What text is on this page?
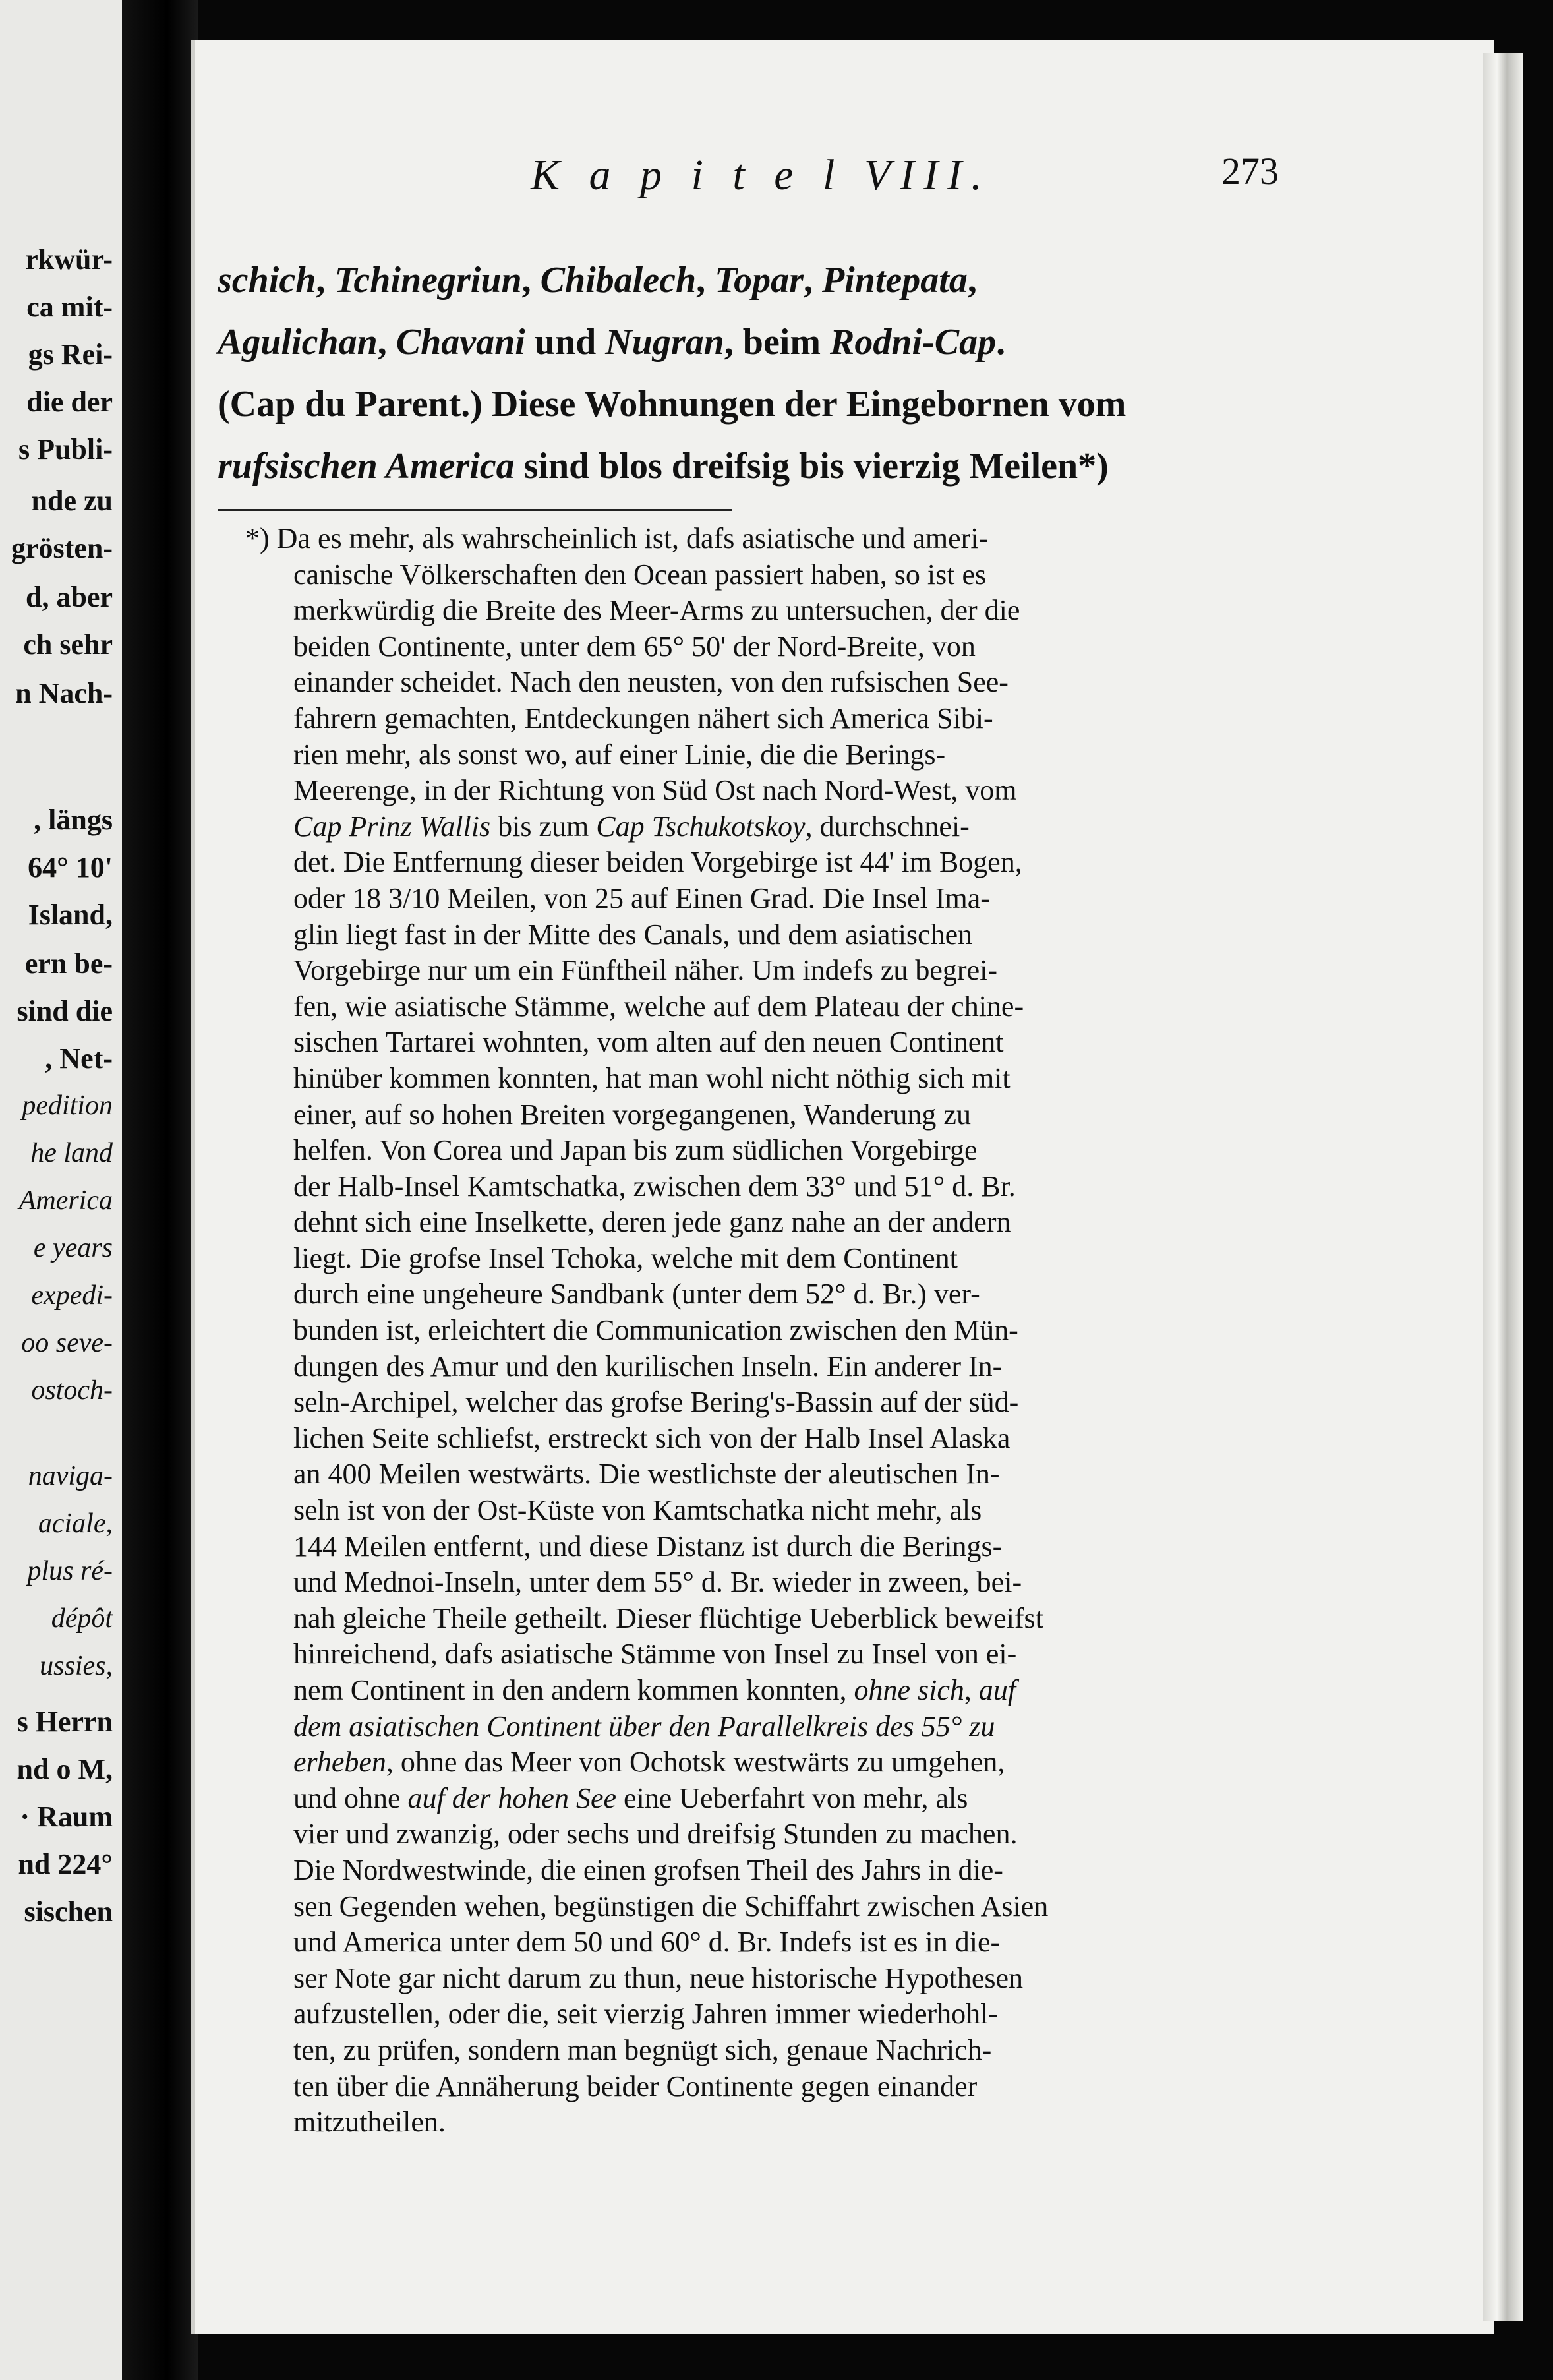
rkwür-
ca mit-
gs Rei-
die der
s Publi-
nde zu
grösten-
d, aber
ch sehr
n Nach-
, längs
64° 10'
Island,
ern be-
sind die
, Net-
pedition
he land
America
e years
expedi-
oo seve-
ostoch-
naviga-
aciale,
plus ré-
dépôt
ussies,
s Herrn
nd o M,
· Raum
nd 224°
sischen
K a p i t e l VIII.	273
schich, Tchinegriun, Chibalech, Topar, Pintepata,
Agulichan, Chavani und Nugran, beim Rodni-Cap.
(Cap du Parent.) Diese Wohnungen der Eingebornen vom
rufsischen America sind blos dreifsig bis vierzig Meilen*)
*) Da es mehr, als wahrscheinlich ist, dafs asiatische und ameri-
canische Völkerschaften den Ocean passiert haben, so ist es
merkwürdig die Breite des Meer-Arms zu untersuchen, der die
beiden Continente, unter dem 65° 50' der Nord-Breite, von
einander scheidet. Nach den neusten, von den rufsischen See-
fahrern gemachten, Entdeckungen nähert sich America Sibi-
rien mehr, als sonst wo, auf einer Linie, die die Berings-
Meerenge, in der Richtung von Süd Ost nach Nord-West, vom
Cap Prinz Wallis bis zum Cap Tschukotskoy, durchschnei-
det. Die Entfernung dieser beiden Vorgebirge ist 44' im Bogen,
oder 18 3/10 Meilen, von 25 auf Einen Grad. Die Insel Ima-
glin liegt fast in der Mitte des Canals, und dem asiatischen
Vorgebirge nur um ein Fünftheil näher. Um indefs zu begrei-
fen, wie asiatische Stämme, welche auf dem Plateau der chine-
sischen Tartarei wohnten, vom alten auf den neuen Continent
hinüber kommen konnten, hat man wohl nicht nöthig sich mit
einer, auf so hohen Breiten vorgegangenen, Wanderung zu
helfen. Von Corea und Japan bis zum südlichen Vorgebirge
der Halb-Insel Kamtschatka, zwischen dem 33° und 51° d. Br.
dehnt sich eine Inselkette, deren jede ganz nahe an der andern
liegt. Die grofse Insel Tchoka, welche mit dem Continent
durch eine ungeheure Sandbank (unter dem 52° d. Br.) ver-
bunden ist, erleichtert die Communication zwischen den Mün-
dungen des Amur und den kurilischen Inseln. Ein anderer In-
seln-Archipel, welcher das grofse Bering's-Bassin auf der süd-
lichen Seite schliefst, erstreckt sich von der Halb Insel Alaska
an 400 Meilen westwärts. Die westlichste der aleutischen In-
seln ist von der Ost-Küste von Kamtschatka nicht mehr, als
144 Meilen entfernt, und diese Distanz ist durch die Berings-
und Mednoi-Inseln, unter dem 55° d. Br. wieder in zween, bei-
nah gleiche Theile getheilt. Dieser flüchtige Ueberblick beweifst
hinreichend, dafs asiatische Stämme von Insel zu Insel von ei-
nem Continent in den andern kommen konnten, ohne sich, auf
dem asiatischen Continent über den Parallelkreis des 55° zu
erheben, ohne das Meer von Ochotsk westwärts zu umgehen,
und ohne auf der hohen See eine Ueberfahrt von mehr, als
vier und zwanzig, oder sechs und dreifsig Stunden zu machen.
Die Nordwestwinde, die einen grofsen Theil des Jahrs in die-
sen Gegenden wehen, begünstigen die Schiffahrt zwischen Asien
und America unter dem 50 und 60° d. Br. Indefs ist es in die-
ser Note gar nicht darum zu thun, neue historische Hypothesen
aufzustellen, oder die, seit vierzig Jahren immer wiederhohl-
ten, zu prüfen, sondern man begnügt sich, genaue Nachrich-
ten über die Annäherung beider Continente gegen einander
mitzutheilen.
